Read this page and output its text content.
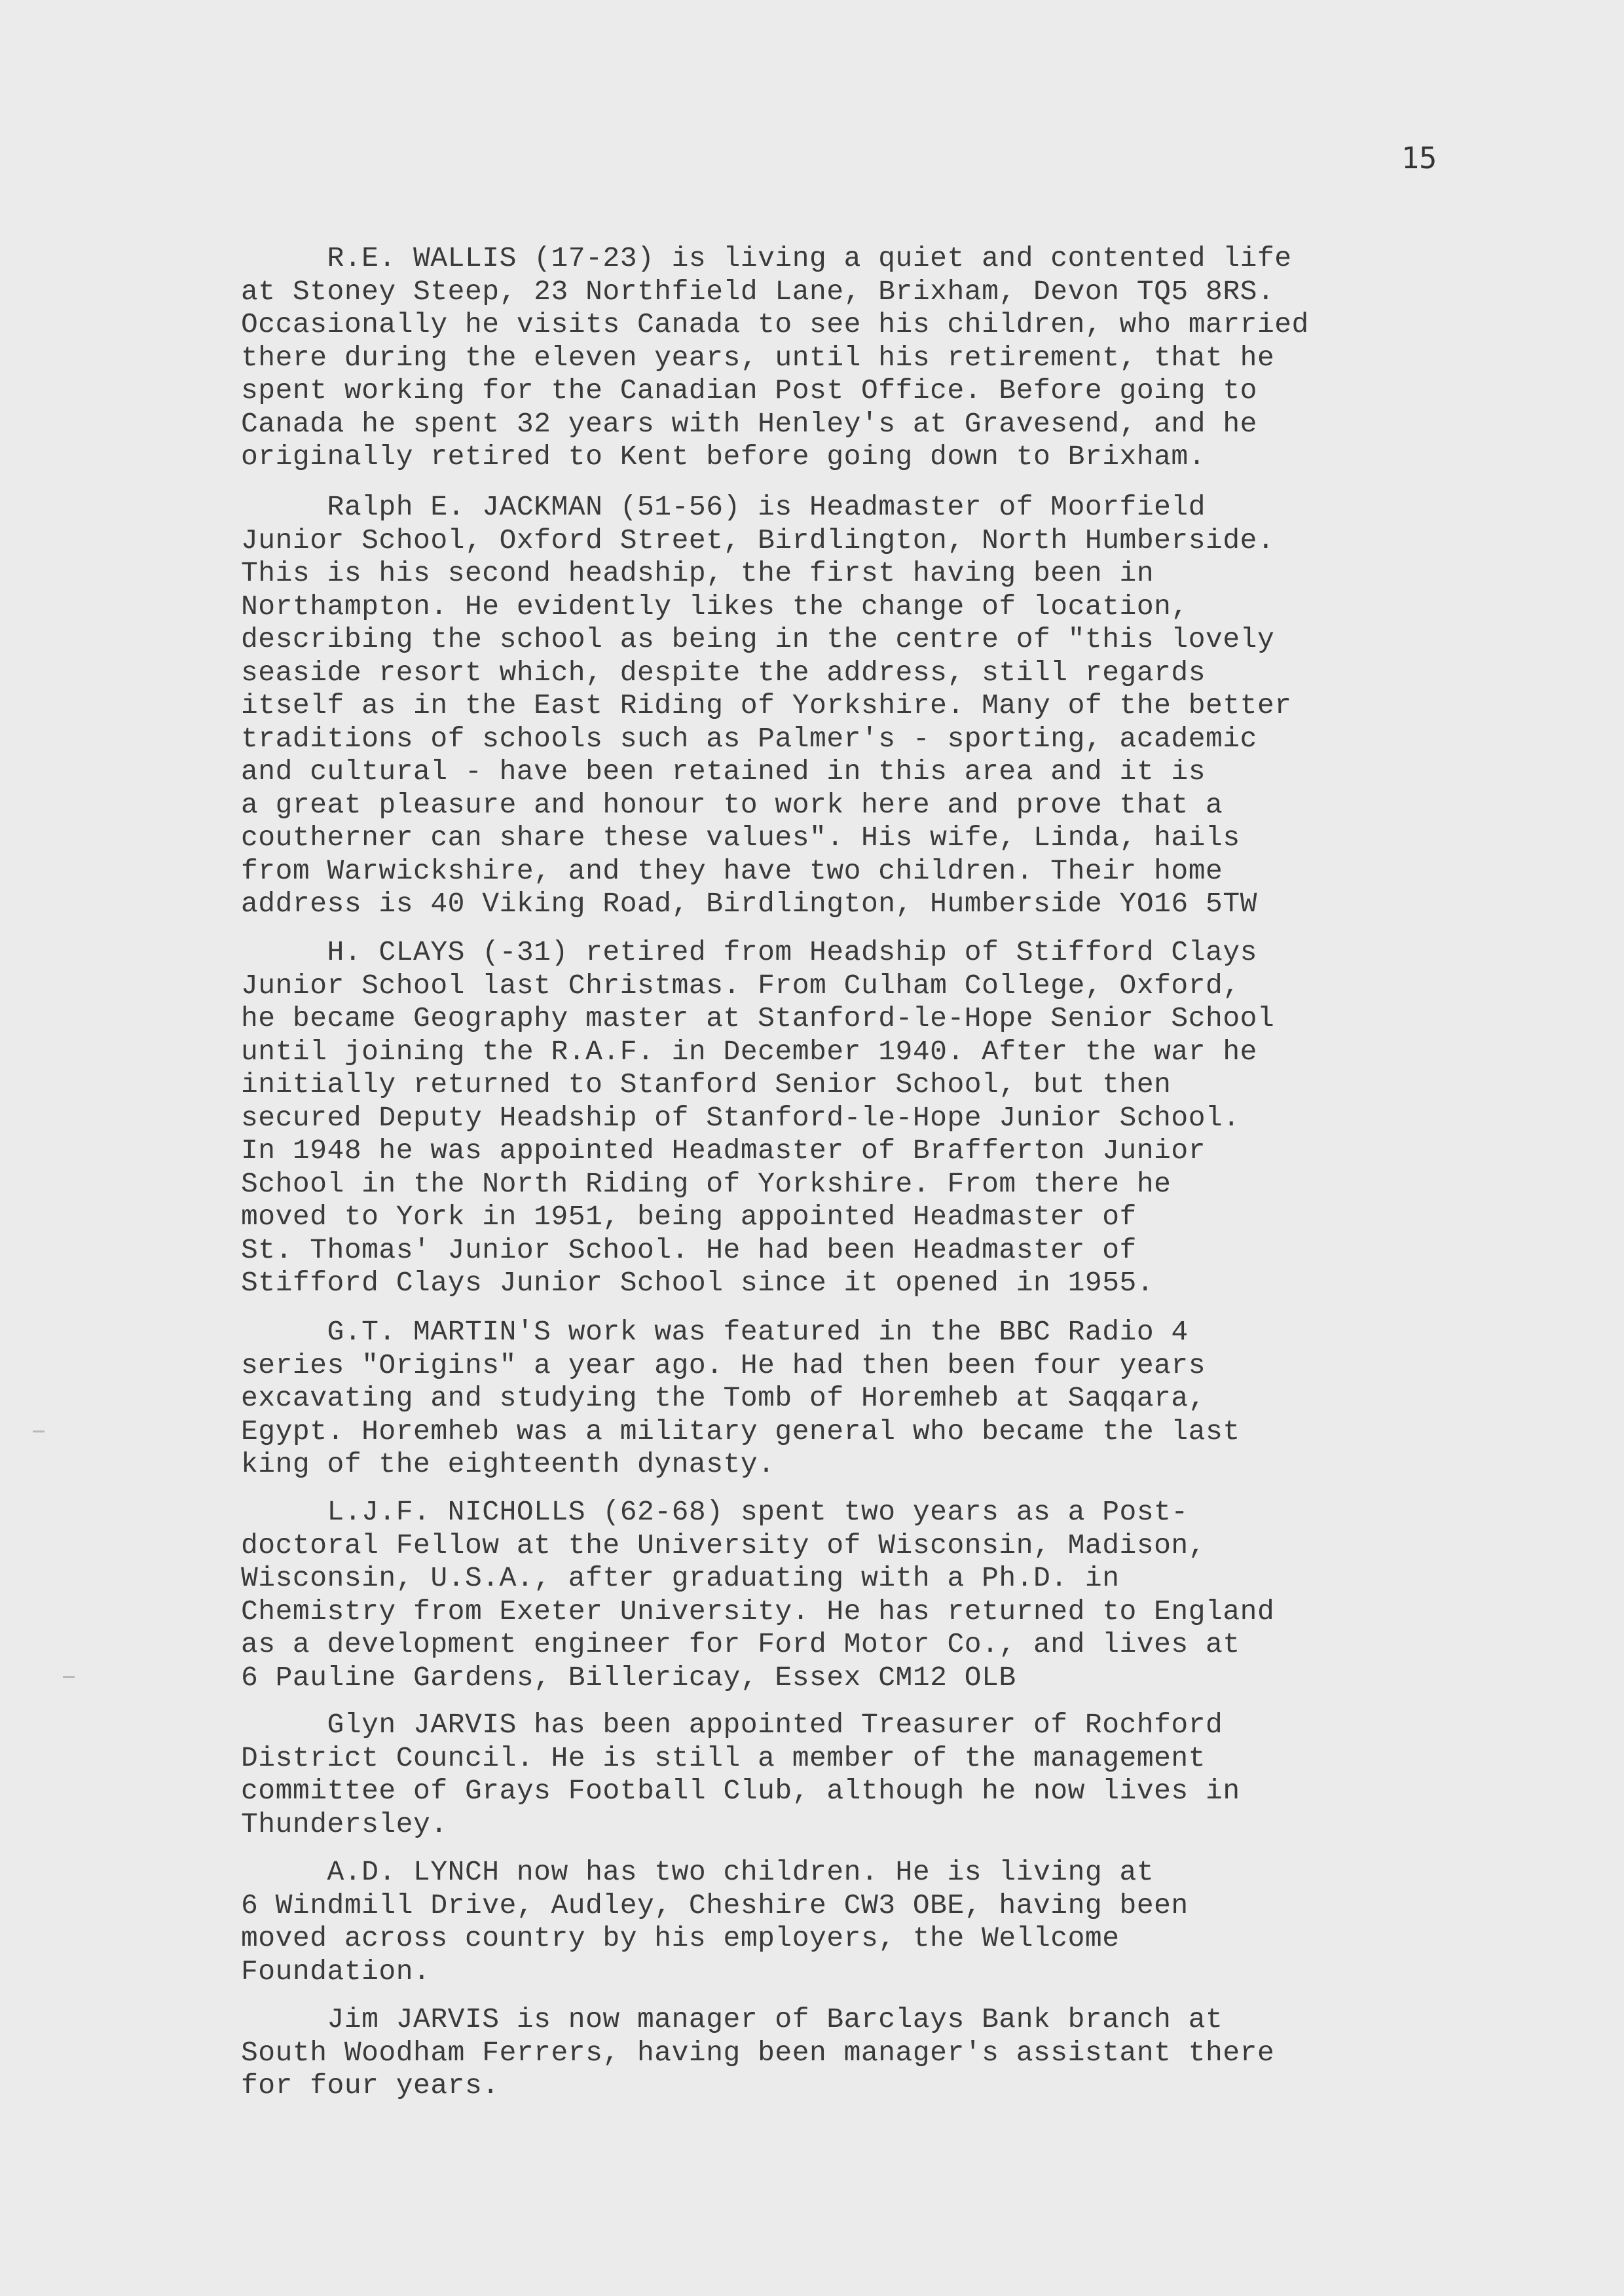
15
R.E. WALLIS (17-23) is living a quiet and contented life
at Stoney Steep, 23 Northfield Lane, Brixham, Devon TQ5 8RS.
Occasionally he visits Canada to see his children, who married
there during the eleven years, until his retirement, that he
spent working for the Canadian Post Office. Before going to
Canada he spent 32 years with Henley's at Gravesend, and he
originally retired to Kent before going down to Brixham.
Ralph E. JACKMAN (51-56) is Headmaster of Moorfield
Junior School, Oxford Street, Birdlington, North Humberside.
This is his second headship, the first having been in
Northampton. He evidently likes the change of location,
describing the school as being in the centre of "this lovely
seaside resort which, despite the address, still regards
itself as in the East Riding of Yorkshire. Many of the better
traditions of schools such as Palmer's - sporting, academic
and cultural - have been retained in this area and it is
a great pleasure and honour to work here and prove that a
coutherner can share these values". His wife, Linda, hails
from Warwickshire, and they have two children. Their home
address is 40 Viking Road, Birdlington, Humberside YO16 5TW
H. CLAYS (-31) retired from Headship of Stifford Clays
Junior School last Christmas. From Culham College, Oxford,
he became Geography master at Stanford-le-Hope Senior School
until joining the R.A.F. in December 1940. After the war he
initially returned to Stanford Senior School, but then
secured Deputy Headship of Stanford-le-Hope Junior School.
In 1948 he was appointed Headmaster of Brafferton Junior
School in the North Riding of Yorkshire. From there he
moved to York in 1951, being appointed Headmaster of
St. Thomas' Junior School. He had been Headmaster of
Stifford Clays Junior School since it opened in 1955.
G.T. MARTIN'S work was featured in the BBC Radio 4
series "Origins" a year ago. He had then been four years
excavating and studying the Tomb of Horemheb at Saqqara,
Egypt. Horemheb was a military general who became the last
king of the eighteenth dynasty.
L.J.F. NICHOLLS (62-68) spent two years as a Post-
doctoral Fellow at the University of Wisconsin, Madison,
Wisconsin, U.S.A., after graduating with a Ph.D. in
Chemistry from Exeter University. He has returned to England
as a development engineer for Ford Motor Co., and lives at
6 Pauline Gardens, Billericay, Essex CM12 OLB
Glyn JARVIS has been appointed Treasurer of Rochford
District Council. He is still a member of the management
committee of Grays Football Club, although he now lives in
Thundersley.
A.D. LYNCH now has two children. He is living at
6 Windmill Drive, Audley, Cheshire CW3 OBE, having been
moved across country by his employers, the Wellcome
Foundation.
Jim JARVIS is now manager of Barclays Bank branch at
South Woodham Ferrers, having been manager's assistant there
for four years.
